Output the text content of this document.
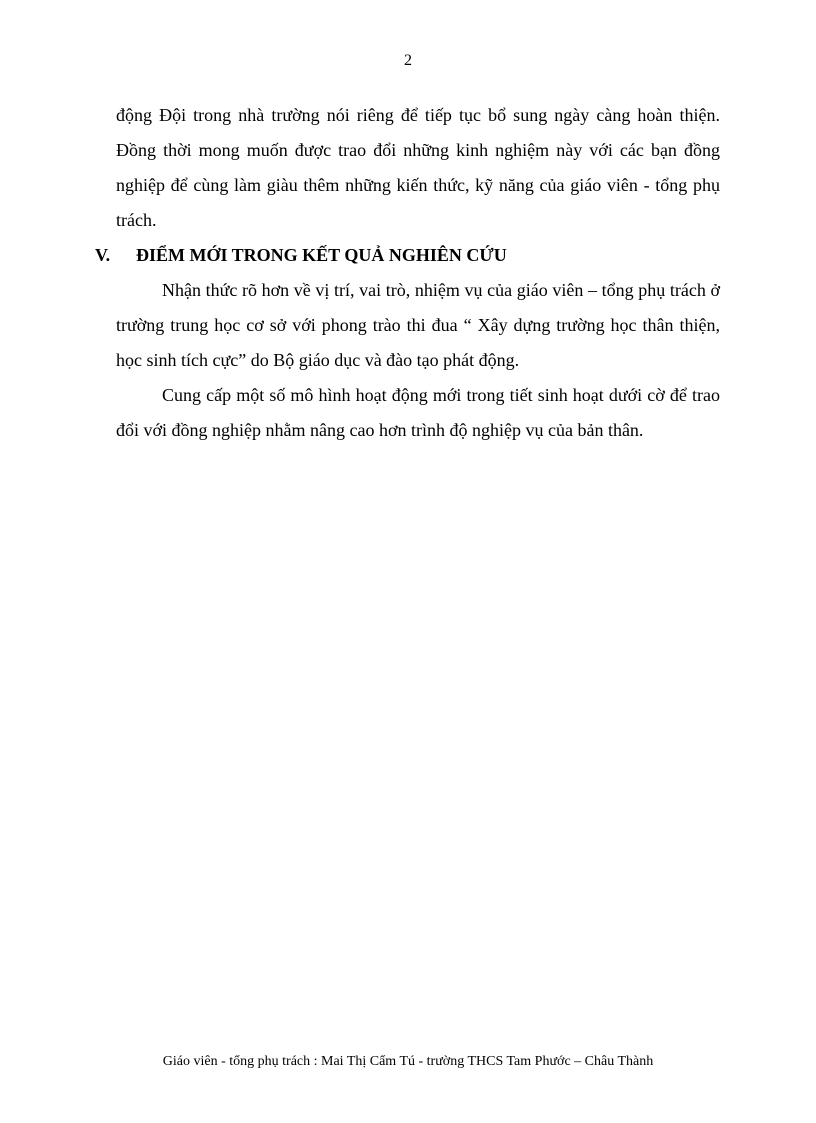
2

động Đội trong nhà trường nói riêng để tiếp tục bổ sung ngày càng hoàn thiện. Đồng thời mong muốn được trao đổi những kinh nghiệm này với các bạn đồng nghiệp để cùng làm giàu thêm những kiến thức, kỹ năng của giáo viên - tổng phụ trách.

V. ĐIỂM MỚI TRONG KẾT QUẢ NGHIÊN CỨU

Nhận thức rõ hơn về vị trí, vai trò, nhiệm vụ của giáo viên – tổng phụ trách ở trường trung học cơ sở với phong trào thi đua “ Xây dựng trường học thân thiện, học sinh tích cực” do Bộ giáo dục và đào tạo phát động.

Cung cấp một số mô hình hoạt động mới trong tiết sinh hoạt dưới cờ để trao đổi với đồng nghiệp nhằm nâng cao hơn trình độ nghiệp vụ của bản thân.

Giáo viên - tổng phụ trách : Mai Thị Cẩm Tú - trường THCS Tam Phước – Châu Thành
